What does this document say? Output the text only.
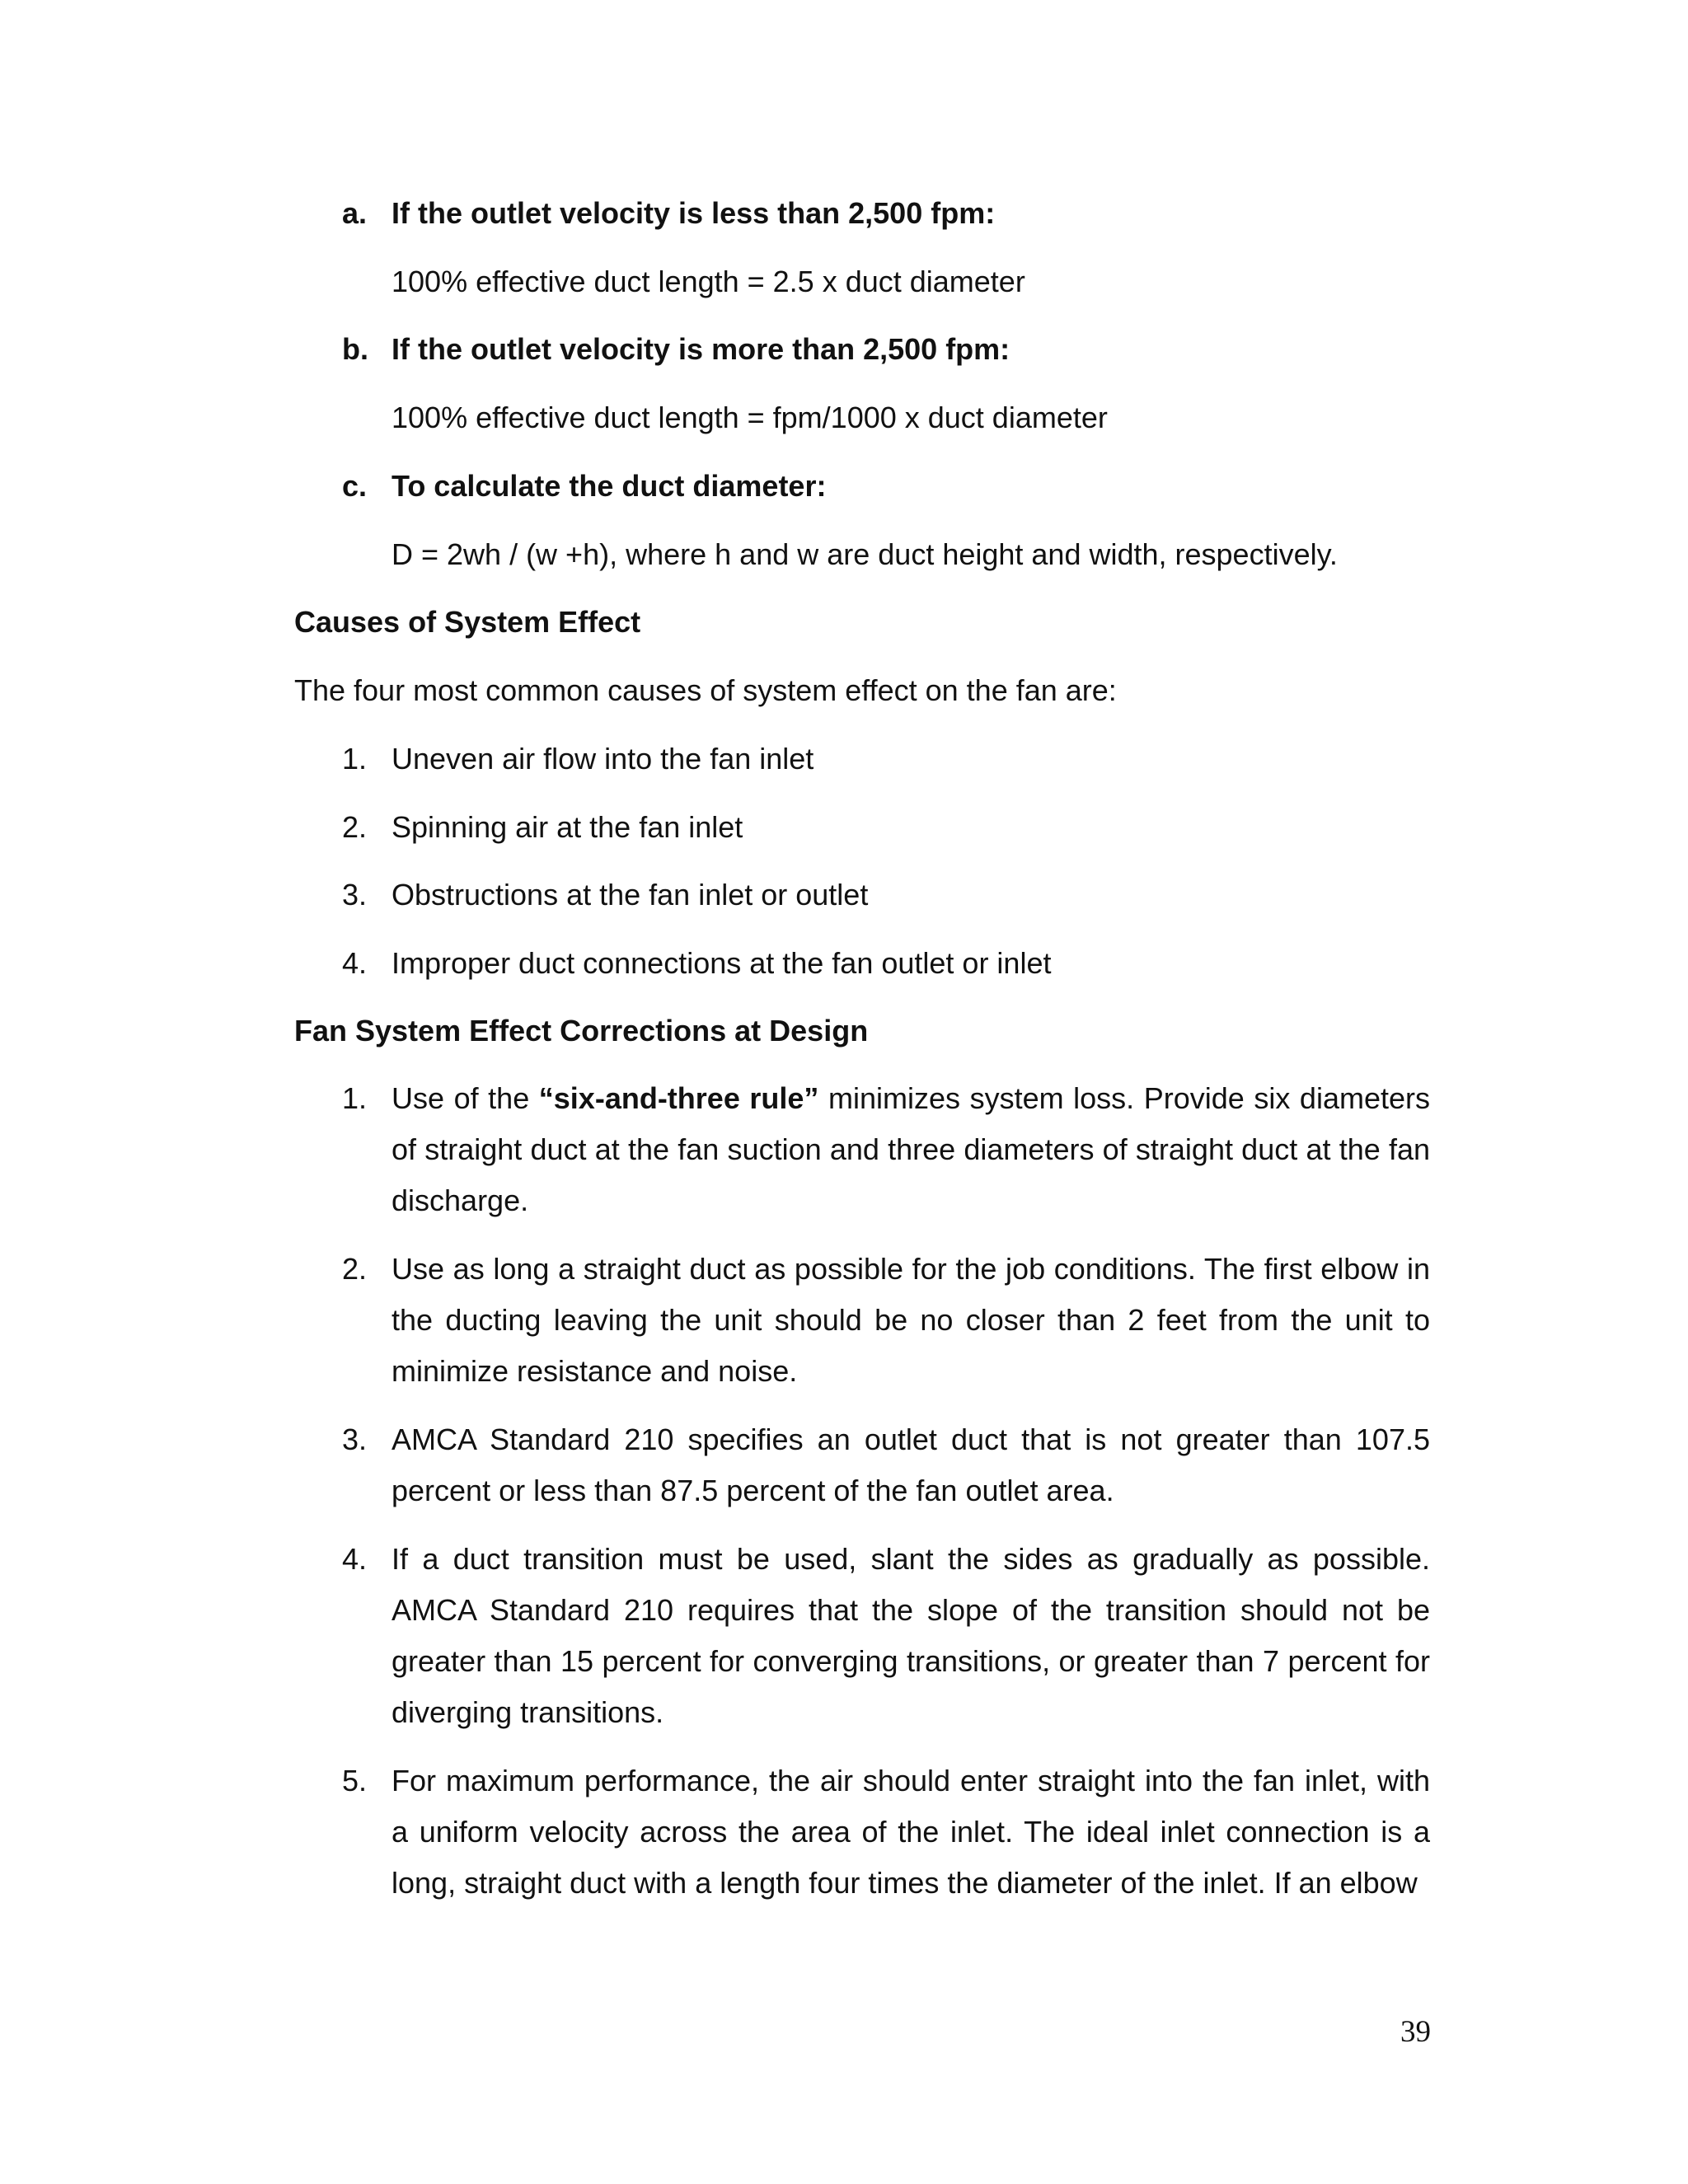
a. If the outlet velocity is less than 2,500 fpm:
100% effective duct length = 2.5 x duct diameter
b. If the outlet velocity is more than 2,500 fpm:
100% effective duct length = fpm/1000 x duct diameter
c. To calculate the duct diameter:
D = 2wh / (w +h), where h and w are duct height and width, respectively.
Causes of System Effect
The four most common causes of system effect on the fan are:
1. Uneven air flow into the fan inlet
2. Spinning air at the fan inlet
3. Obstructions at the fan inlet or outlet
4. Improper duct connections at the fan outlet or inlet
Fan System Effect Corrections at Design
1. Use of the “six-and-three rule” minimizes system loss. Provide six diameters of straight duct at the fan suction and three diameters of straight duct at the fan discharge.

2. Use as long a straight duct as possible for the job conditions. The first elbow in the ducting leaving the unit should be no closer than 2 feet from the unit to minimize resistance and noise.

3. AMCA Standard 210 specifies an outlet duct that is not greater than 107.5 percent or less than 87.5 percent of the fan outlet area.

4. If a duct transition must be used, slant the sides as gradually as possible. AMCA Standard 210 requires that the slope of the transition should not be greater than 15 percent for converging transitions, or greater than 7 percent for diverging transitions.

5. For maximum performance, the air should enter straight into the fan inlet, with a uniform velocity across the area of the inlet. The ideal inlet connection is a long, straight duct with a length four times the diameter of the inlet. If an elbow

39
